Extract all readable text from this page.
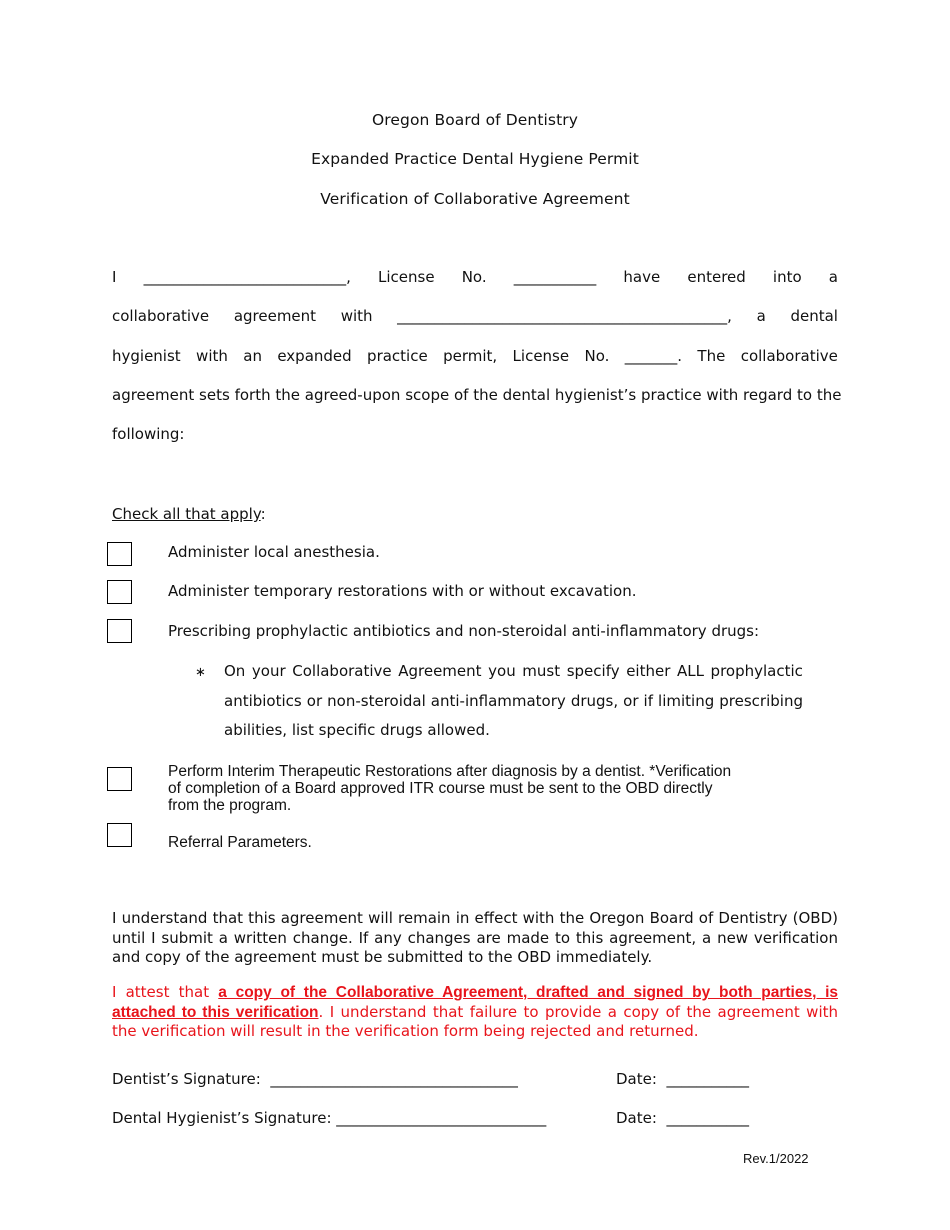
Oregon Board of Dentistry
Expanded Practice Dental Hygiene Permit
Verification of Collaborative Agreement
I ___________________________, License No. ___________ have entered into a
collaborative agreement with ____________________________________________, a dental
hygienist with an expanded practice permit, License No. _______. The collaborative
agreement sets forth the agreed-upon scope of the dental hygienist’s practice with regard to the
following:
Check all that apply:
Administer local anesthesia.
Administer temporary restorations with or without excavation.
Prescribing prophylactic antibiotics and non-steroidal anti-inflammatory drugs:
∗ On your Collaborative Agreement you must specify either ALL prophylactic
antibiotics or non-steroidal anti-inflammatory drugs, or if limiting prescribing
abilities, list specific drugs allowed.
Perform Interim Therapeutic Restorations after diagnosis by a dentist. *Verification
of completion of a Board approved ITR course must be sent to the OBD directly
from the program.
Referral Parameters.
I understand that this agreement will remain in effect with the Oregon Board of Dentistry (OBD) until I submit a written change. If any changes are made to this agreement, a new verification and copy of the agreement must be submitted to the OBD immediately.
I attest that a copy of the Collaborative Agreement, drafted and signed by both parties, is attached to this verification. I understand that failure to provide a copy of the agreement with the verification will result in the verification form being rejected and returned.
Dentist’s Signature:  _________________________________	Date:  ___________
Dental Hygienist’s Signature: ____________________________	Date:  ___________
Rev.1/2022
